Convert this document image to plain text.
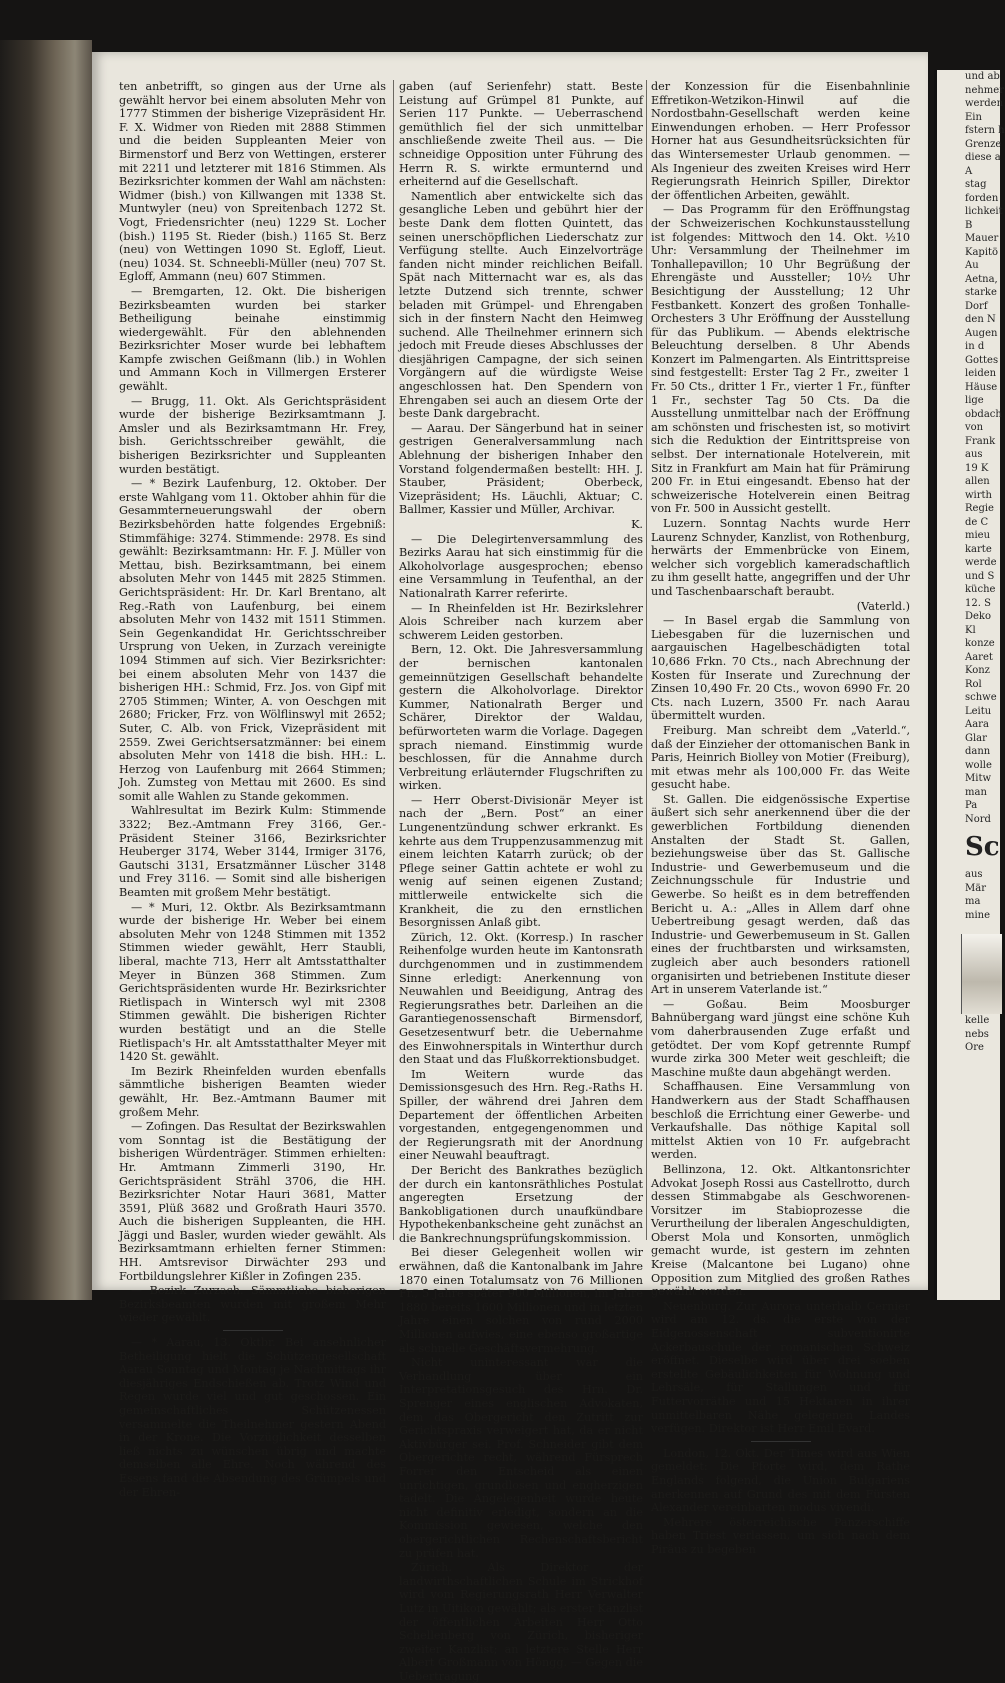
ten anbetrifft, so gingen aus der Urne als gewählt hervor bei einem absoluten Mehr von 1777 Stimmen der bisherige Vizepräsident Hr. F. X. Widmer von Rieden mit 2888 Stimmen und die beiden Suppleanten Meier von Birmenstorf und Berz von Wettingen, ersterer mit 2211 und letzterer mit 1816 Stimmen. Als Bezirksrichter kommen der Wahl am nächsten: Widmer (bish.) von Killwangen mit 1338 St. Muntwyler (neu) von Spreitenbach 1272 St. Vogt, Friedensrichter (neu) 1229 St. Locher (bish.) 1195 St. Rieder (bish.) 1165 St. Berz (neu) von Wettingen 1090 St. Egloff, Lieut. (neu) 1034. St. Schneebli-Müller (neu) 707 St. Egloff, Ammann (neu) 607 Stimmen.

— Bremgarten, 12. Okt. Die bisherigen Bezirksbeamten wurden bei starker Betheiligung beinahe einstimmig wiedergewählt. Für den ablehnenden Bezirksrichter Moser wurde bei lebhaftem Kampfe zwischen Geißmann (lib.) in Wohlen und Ammann Koch in Villmergen Ersterer gewählt.

— Brugg, 11. Okt. Als Gerichtspräsident wurde der bisherige Bezirksamtmann J. Amsler und als Bezirksamtmann Hr. Frey, bish. Gerichtsschreiber gewählt, die bisherigen Bezirksrichter und Suppleanten wurden bestätigt.

— * Bezirk Laufenburg, 12. Oktober. Der erste Wahlgang vom 11. Oktober ahhin für die Gesammterneuerungswahl der obern Bezirksbehörden hatte folgendes Ergebniß: Stimmfähige: 3274. Stimmende: 2978. Es sind gewählt: Bezirksamtmann: Hr. F. J. Müller von Mettau, bish. Bezirksamtmann, bei einem absoluten Mehr von 1445 mit 2825 Stimmen. Gerichtspräsident: Hr. Dr. Karl Brentano, alt Reg.-Rath von Laufenburg, bei einem absoluten Mehr von 1432 mit 1511 Stimmen. Sein Gegenkandidat Hr. Gerichtsschreiber Ursprung von Ueken, in Zurzach vereinigte 1094 Stimmen auf sich. Vier Bezirksrichter: bei einem absoluten Mehr von 1437 die bisherigen HH.: Schmid, Frz. Jos. von Gipf mit 2705 Stimmen; Winter, A. von Oeschgen mit 2680; Fricker, Frz. von Wölflinswyl mit 2652; Suter, C. Alb. von Frick, Vizepräsident mit 2559. Zwei Gerichtsersatzmänner: bei einem absoluten Mehr von 1418 die bish. HH.: L. Herzog von Laufenburg mit 2664 Stimmen; Joh. Zumsteg von Mettau mit 2600. Es sind somit alle Wahlen zu Stande gekommen.

Wahlresultat im Bezirk Kulm: Stimmende 3322; Bez.-Amtmann Frey 3166, Ger.-Präsident Steiner 3166, Bezirksrichter Heuberger 3174, Weber 3144, Irmiger 3176, Gautschi 3131, Ersatzmänner Lüscher 3148 und Frey 3116. — Somit sind alle bisherigen Beamten mit großem Mehr bestätigt.

— * Muri, 12. Oktbr. Als Bezirksamtmann wurde der bisherige Hr. Weber bei einem absoluten Mehr von 1248 Stimmen mit 1352 Stimmen wieder gewählt, Herr Staubli, liberal, machte 713, Herr alt Amtsstatthalter Meyer in Bünzen 368 Stimmen. Zum Gerichtspräsidenten wurde Hr. Bezirksrichter Rietlispach in Wintersch wyl mit 2308 Stimmen gewählt. Die bisherigen Richter wurden bestätigt und an die Stelle Rietlispach's Hr. alt Amtsstatthalter Meyer mit 1420 St. gewählt.

Im Bezirk Rheinfelden wurden ebenfalls sämmtliche bisherigen Beamten wieder gewählt, Hr. Bez.-Amtmann Baumer mit großem Mehr.

— Zofingen. Das Resultat der Bezirkswahlen vom Sonntag ist die Bestätigung der bisherigen Würdenträger. Stimmen erhielten: Hr. Amtmann Zimmerli 3190, Hr. Gerichtspräsident Strähl 3706, die HH. Bezirksrichter Notar Hauri 3681, Matter 3591, Plüß 3682 und Großrath Hauri 3570. Auch die bisherigen Suppleanten, die HH. Jäggi und Basler, wurden wieder gewählt. Als Bezirksamtmann erhielten ferner Stimmen: HH. Amtsrevisor Dirwächter 293 und Fortbildungslehrer Kißler in Zofingen 235.

— Bezirk Zurzach. Sämmtliche bisherigen Bezirksbeamten wurden mit großem Mehr wieder gewählt.

— * Aarau, 13. Oktbr. Bei ansehnlicher Betheiligung hielt die Schützengesellschaft Aarau Sonntag und Montag je Nachmittags ihr diesjähriges Endschießen ab. Trotz Wind und Regen wurde viel und gut geschossen. Ein gemeinschaftliches Schützenessen versammelte die Theilnehmer gestern Abend in der Krone. Die Vorzüglichkeit desselben ließ nichts zu wünschen übrig und machte demselben alle Ehre. Noch während des Essens fand die Absendung des Grümpels und der Ehren-

gaben (auf Serienfehr) statt. Beste Leistung auf Grümpel 81 Punkte, auf Serien 117 Punkte. — Ueberraschend gemüthlich fiel der sich unmittelbar anschließende zweite Theil aus. — Die schneidige Opposition unter Führung des Herrn R. S. wirkte ermunternd und erheiternd auf die Gesellschaft.

Namentlich aber entwickelte sich das gesangliche Leben und gebührt hier der beste Dank dem flotten Quintett, das seinen unerschöpflichen Liederschatz zur Verfügung stellte. Auch Einzelvorträge fanden nicht minder reichlichen Beifall. Spät nach Mitternacht war es, als das letzte Dutzend sich trennte, schwer beladen mit Grümpel- und Ehrengaben sich in der finstern Nacht den Heimweg suchend. Alle Theilnehmer erinnern sich jedoch mit Freude dieses Abschlusses der diesjährigen Campagne, der sich seinen Vorgängern auf die würdigste Weise angeschlossen hat. Den Spendern von Ehrengaben sei auch an diesem Orte der beste Dank dargebracht.

— Aarau. Der Sängerbund hat in seiner gestrigen Generalversammlung nach Ablehnung der bisherigen Inhaber den Vorstand folgendermaßen bestellt: HH. J. Stauber, Präsident; Oberbeck, Vizepräsident; Hs. Läuchli, Aktuar; C. Ballmer, Kassier und Müller, Archivar.

K.

— Die Delegirtenversammlung des Bezirks Aarau hat sich einstimmig für die Alkoholvorlage ausgesprochen; ebenso eine Versammlung in Teufenthal, an der Nationalrath Karrer referirte.

— In Rheinfelden ist Hr. Bezirkslehrer Alois Schreiber nach kurzem aber schwerem Leiden gestorben.

Bern, 12. Okt. Die Jahresversammlung der bernischen kantonalen gemeinnützigen Gesellschaft behandelte gestern die Alkoholvorlage. Direktor Kummer, Nationalrath Berger und Schärer, Direktor der Waldau, befürworteten warm die Vorlage. Dagegen sprach niemand. Einstimmig wurde beschlossen, für die Annahme durch Verbreitung erläuternder Flugschriften zu wirken.

— Herr Oberst-Divisionär Meyer ist nach der „Bern. Post“ an einer Lungenentzündung schwer erkrankt. Es kehrte aus dem Truppenzusammenzug mit einem leichten Katarrh zurück; ob der Pflege seiner Gattin achtete er wohl zu wenig auf seinen eigenen Zustand; mittlerweile entwickelte sich die Krankheit, die zu den ernstlichen Besorgnissen Anlaß gibt.

Zürich, 12. Okt. (Korresp.) In rascher Reihenfolge wurden heute im Kantonsrath durchgenommen und in zustimmendem Sinne erledigt: Anerkennung von Neuwahlen und Beeidigung, Antrag des Regierungsrathes betr. Darleihen an die Garantiegenossenschaft Birmensdorf, Gesetzesentwurf betr. die Uebernahme des Einwohnerspitals in Winterthur durch den Staat und das Flußkorrektionsbudget.

Im Weitern wurde das Demissionsgesuch des Hrn. Reg.-Raths H. Spiller, der während drei Jahren dem Departement der öffentlichen Arbeiten vorgestanden, entgegengenommen und der Regierungsrath mit der Anordnung einer Neuwahl beauftragt.

Der Bericht des Bankrathes bezüglich der durch ein kantonsräthliches Postulat angeregten Ersetzung der Bankobligationen durch unaufkündbare Hypothekenbankscheine geht zunächst an die Bankrechnungsprüfungskommission.

Bei dieser Gelegenheit wollen wir erwähnen, daß die Kantonalbank im Jahre 1870 einen Totalumsatz von 76 Millionen Fr., 5 Jahre später 900 Millionen, im Jahre 1880 bereits 1600 Millionen und in letzten Jahre einen solchen von rund 2000 Millionen aufwies, eine ebenso großartige als schnelle Geschäftsvermehrung.

Nicht uninteressant war die Verhandlung über ein Interpretationsgesuch des Hrn. Dr. Sprenger eines englischen Advokaten, dem das Obergericht den Zutritt zur Gerichtspraxis verweigert hat, da er nicht Aktivbürger sei. Prof. Schneider gibt dem Obergerichte recht, während Fürsprech Forrer den Entscheid als einen unrichtigen, grundlosen und engherzigen tadelt. Die Angelegenheit wurde heute nicht definitiv erledigt, sondern an die Kommission gewiesen, welche den obergerichtlichen Rechenschaftsbericht zu prüfen hat.

Zürich. Als Direktor der landwirthschaftlichen Schule im Strickhof wird vom Regierungsrath Herr Verwalter Lutz in Uitikon gewählt; als erster Kanzlist der öffentlichen Arbeiten Herr Otto Schellenberg von Zürich, bisheriger zweiter Kanzlist; an letztere Stelle Herr Albert Großmann von Höngg. — Gegen die Uebertragung

der Konzession für die Eisenbahnlinie Effretikon-Wetzikon-Hinwil auf die Nordostbahn-Gesellschaft werden keine Einwendungen erhoben. — Herr Professor Horner hat aus Gesundheitsrücksichten für das Wintersemester Urlaub genommen. — Als Ingenieur des zweiten Kreises wird Herr Regierungsrath Heinrich Spiller, Direktor der öffentlichen Arbeiten, gewählt.

— Das Programm für den Eröffnungstag der Schweizerischen Kochkunstausstellung ist folgendes: Mittwoch den 14. Okt. ½10 Uhr: Versammlung der Theilnehmer im Tonhallepavillon; 10 Uhr Begrüßung der Ehrengäste und Aussteller; 10½ Uhr Besichtigung der Ausstellung; 12 Uhr Festbankett. Konzert des großen Tonhalle-Orchesters 3 Uhr Eröffnung der Ausstellung für das Publikum. — Abends elektrische Beleuchtung derselben. 8 Uhr Abends Konzert im Palmengarten. Als Eintrittspreise sind festgestellt: Erster Tag 2 Fr., zweiter 1 Fr. 50 Cts., dritter 1 Fr., vierter 1 Fr., fünfter 1 Fr., sechster Tag 50 Cts. Da die Ausstellung unmittelbar nach der Eröffnung am schönsten und frischesten ist, so motivirt sich die Reduktion der Eintrittspreise von selbst. Der internationale Hotelverein, mit Sitz in Frankfurt am Main hat für Prämirung 200 Fr. in Etui eingesandt. Ebenso hat der schweizerische Hotelverein einen Beitrag von Fr. 500 in Aussicht gestellt.

Luzern. Sonntag Nachts wurde Herr Laurenz Schnyder, Kanzlist, von Rothenburg, herwärts der Emmenbrücke von Einem, welcher sich vorgeblich kameradschaftlich zu ihm gesellt hatte, angegriffen und der Uhr und Taschenbaarschaft beraubt.

(Vaterld.)

— In Basel ergab die Sammlung von Liebesgaben für die luzernischen und aargauischen Hagelbeschädigten total 10,686 Frkn. 70 Cts., nach Abrechnung der Kosten für Inserate und Zurechnung der Zinsen 10,490 Fr. 20 Cts., wovon 6990 Fr. 20 Cts. nach Luzern, 3500 Fr. nach Aarau übermittelt wurden.

Freiburg. Man schreibt dem „Vaterld.“, daß der Einzieher der ottomanischen Bank in Paris, Heinrich Biolley von Motier (Freiburg), mit etwas mehr als 100,000 Fr. das Weite gesucht habe.

St. Gallen. Die eidgenössische Expertise äußert sich sehr anerkennend über die der gewerblichen Fortbildung dienenden Anstalten der Stadt St. Gallen, beziehungsweise über das St. Gallische Industrie- und Gewerbemuseum und die Zeichnungsschule für Industrie und Gewerbe. So heißt es in dem betreffenden Bericht u. A.: „Alles in Allem darf ohne Uebertreibung gesagt werden, daß das Industrie- und Gewerbemuseum in St. Gallen eines der fruchtbarsten und wirksamsten, zugleich aber auch besonders rationell organisirten und betriebenen Institute dieser Art in unserem Vaterlande ist.“

— Goßau. Beim Moosburger Bahnübergang ward jüngst eine schöne Kuh vom daherbrausenden Zuge erfaßt und getödtet. Der vom Kopf getrennte Rumpf wurde zirka 300 Meter weit geschleift; die Maschine mußte daun abgehängt werden.

Schaffhausen. Eine Versammlung von Handwerkern aus der Stadt Schaffhausen beschloß die Errichtung einer Gewerbe- und Verkaufshalle. Das nöthige Kapital soll mittelst Aktien von 10 Fr. aufgebracht werden.

Bellinzona, 12. Okt. Altkantonsrichter Advokat Joseph Rossi aus Castellrotto, durch dessen Stimmabgabe als Geschworenen-Vorsitzer im Stabioprozesse die Verurtheilung der liberalen Angeschuldigten, Oberst Mola und Konsorten, unmöglich gemacht wurde, ist gestern im zehnten Kreise (Malcantone bei Lugano) ohne Opposition zum Mitglied des großen Rathes gewählt worden.

Neuenburg. Zur Aurora unterhalb Cernier wird am 12. ds. die erste von der Eidgenossenschaft subventionirte Ackerbauschule der romanischen Schweiz eröffnet. Dieselbe wird über drei soeben erstellte Gebäulichkeiten für Wohnung und Lehrsäle, für Stallungen und für Futtervorräthe und 15 Hektaren in ihrer unmittelbaren Nähe gelegenen Landes verfügen. Direktor ist Herr Emil Evard.

London, 12. Okt. Der Times wird aus Wien gemeldet: Die Pforte wird, dem Rathe Englands folgend, die Union Bulgariens anerkennen auf Grund des mit dem Fürsten Alexander vereinbarten modus vivendi.

Mehrere österreichische Panzerschiffe haben Triest verlassen, um sich nach dem Piräus zu begeben

und ab

nehmer

werden

Ein

fstern h

Grenze

diese a

A

stag

forden

lichkeit

B

Mauer

Kapitö

Au

Aetna,

starke

Dorf

den N

Augen

in d

Gottes

leiden

Häuse

lige

obdach

von

Frank

aus

19 K

allen

wirth

Regie

de C

mieu

karte

werde

und S

küche

12. S

Deko

Kl

konze

Aaret

Konz

Rol

schwe

Leitu

Aara

Glar

dann

wolle

Mitw

man

Pa

Nord

Sc

aus

Mär

ma

mine

kelle

nebs

Ore
